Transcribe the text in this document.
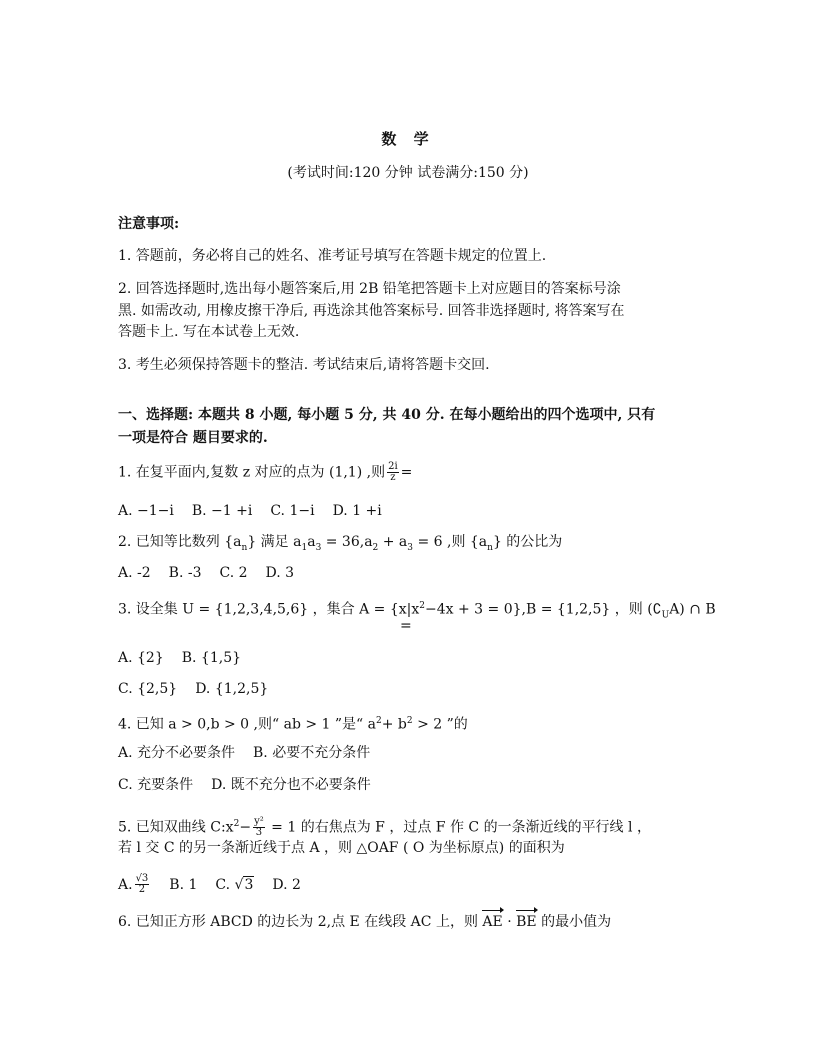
数 学
(考试时间:120 分钟 试卷满分:150 分)
注意事项:
1. 答题前，务必将自己的姓名、准考证号填写在答题卡规定的位置上.
2. 回答选择题时,选出每小题答案后,用 2B 铅笔把答题卡上对应题目的答案标号涂
黑. 如需改动, 用橡皮擦干净后, 再选涂其他答案标号. 回答非选择题时, 将答案写在
答题卡上. 写在本试卷上无效.
3. 考生必须保持答题卡的整洁. 考试结束后,请将答题卡交回.
一、选择题: 本题共 8 小题, 每小题 5 分, 共 40 分. 在每小题给出的四个选项中, 只有
一项是符合 题目要求的.
1. 在复平面内,复数 z 对应的点为 (1,1) ,则 $\frac{2i}{z}$ =
A. −1−i B. −1 +i C. 1−i D. 1 +i
2. 已知等比数列 $\{a_n\}$ 满足 $a_1a_3 = 36,a_2 + a_3 = 6$ ,则 $\{a_n\}$ 的公比为
A. -2 B. -3 C. 2 D. 3
3. 设全集 U = {1,2,3,4,5,6} ，集合 $A = \{x|x^2-4x + 3 = 0\},B = \{1,2,5\}$ ，则 $(∁_UA)$ ∩ B
=
A. {2} B. {1,5}
C. {2,5} D. {1,2,5}
4. 已知 a > 0,b > 0 ,则“ ab > 1 ”是“ $a^2+ b^2 > 2$ ”的
A. 充分不必要条件 B. 必要不充分条件
C. 充要条件 D. 既不充分也不必要条件
5. 已知双曲线 $C:x^2- \frac{\text{y²}}{3} = 1$ 的右焦点为 F ，过点 F 作 C 的一条渐近线的平行线 l ，
若 l 交 C 的另一条渐近线于点 A ，则 △OAF ( O 为坐标原点) 的面积为
A. $\frac{√3}{2} B$. 1 C. √3 D. 2
6. 已知正方形 ABCD 的边长为 2,点 E 在线段 AC 上，则 AE · BE 的最小值为
